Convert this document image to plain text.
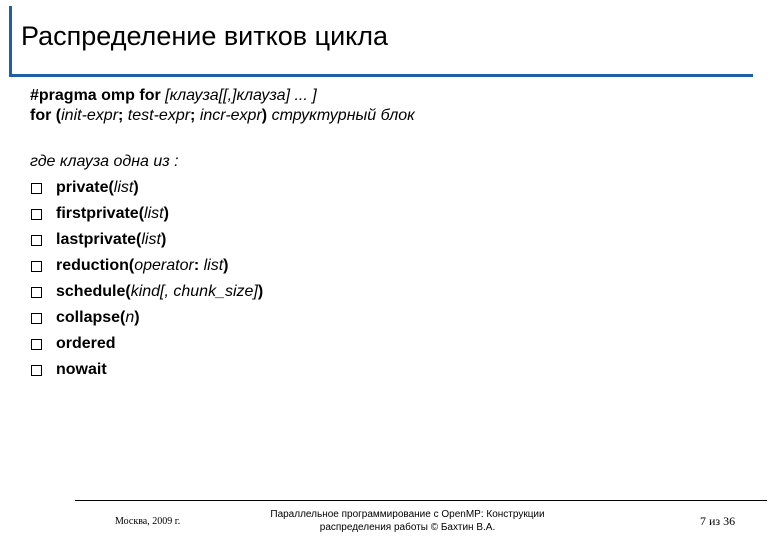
Распределение витков цикла
#pragma omp for [клауза[[,]клауза] ... ]
for (init-expr; test-expr; incr-expr) структурный блок
где клауза одна из :
private(list)
firstprivate(list)
lastprivate(list)
reduction(operator: list)
schedule(kind[, chunk_size])
collapse(n)
ordered
nowait
Москва, 2009 г.
Параллельное программирование с OpenMP: Конструкции
распределения работы © Бахтин В.А.	7 из 36
